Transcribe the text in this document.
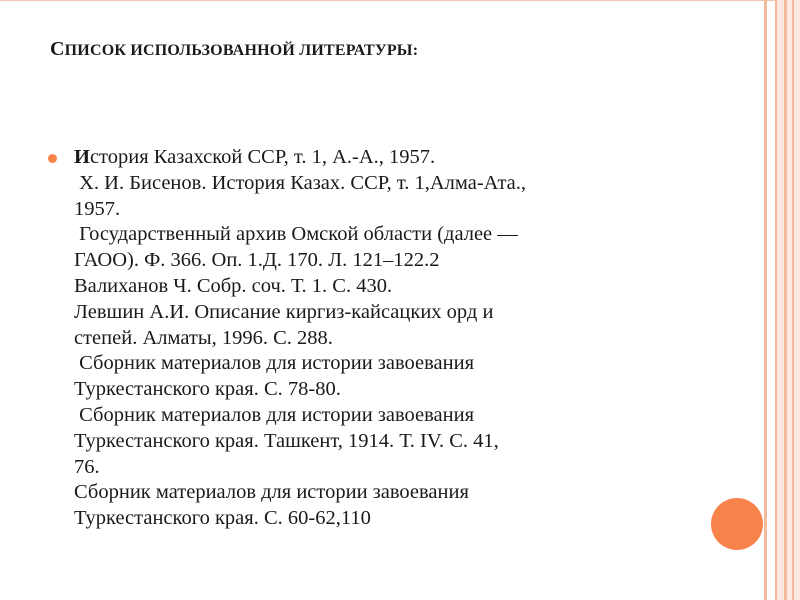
СПИСОК ИСПОЛЬЗОВАННОЙ ЛИТЕРАТУРЫ:
История Казахской ССР, т. 1, А.-А., 1957.
Х. И. Бисенов. История Казах. ССР, т. 1,Алма-Ата.,
1957.
Государственный архив Омской области (далее —
ГАОО). Ф. 366. Оп. 1.Д. 170. Л. 121–122.2
Валиханов Ч. Собр. соч. Т. 1. С. 430.
Левшин А.И. Описание киргиз-кайсацких орд и
степей. Алматы, 1996. С. 288.
Сборник материалов для истории завоевания
Туркестанского края. С. 78-80.
Сборник материалов для истории завоевания
Туркестанского края. Ташкент, 1914. Т. IV. С. 41,
76.
Сборник материалов для истории завоевания
Туркестанского края. С. 60-62,110
